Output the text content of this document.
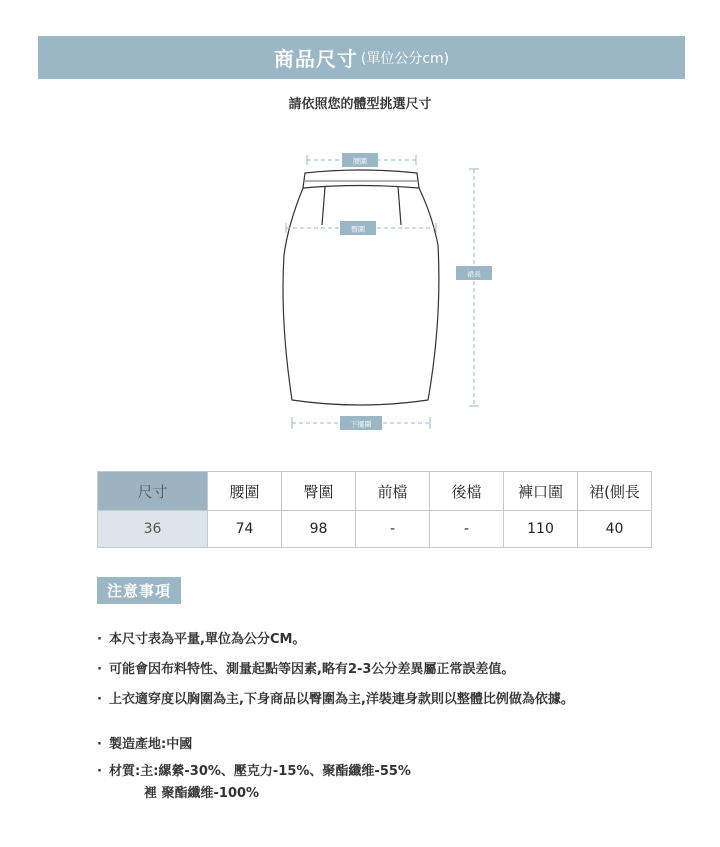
商品尺寸 (單位公分cm)
請依照您的體型挑選尺寸
腰圍
臀圍
裙長
下擺圍
尺寸	腰圍	臀圍	前檔	後檔	褲口圍	裙(側長
36	74	98	-	-	110	40
注意事項
· 本尺寸表為平量,單位為公分CM。
· 可能會因布料特性、測量起點等因素,略有2-3公分差異屬正常誤差值。
· 上衣適穿度以胸圍為主,下身商品以臀圍為主,洋裝連身款則以整體比例做為依據。
· 製造產地:中國
· 材質:主:縲縈-30%、壓克力-15%、聚酯纖维-55%
裡 聚酯纖维-100%
